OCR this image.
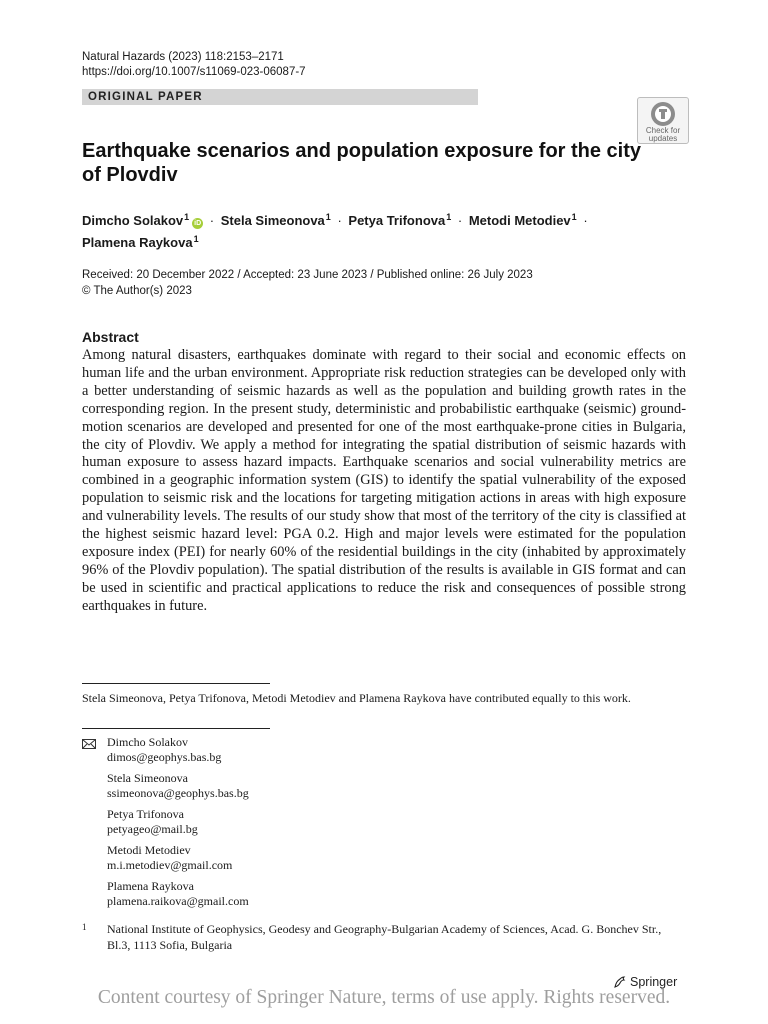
Natural Hazards (2023) 118:2153–2171
https://doi.org/10.1007/s11069-023-06087-7
ORIGINAL PAPER
Check for updates
Earthquake scenarios and population exposure for the city of Plovdiv
Dimcho Solakov$^1$iD · Stela Simeonova$^1$ · Petya Trifonova$^1$ · Metodi Metodiev$^1$ ·
Plamena Raykova$^1$
Received: 20 December 2022 / Accepted: 23 June 2023 / Published online: 26 July 2023
© The Author(s) 2023
Abstract
Among natural disasters, earthquakes dominate with regard to their social and economic effects on human life and the urban environment. Appropriate risk reduction strategies can be developed only with a better understanding of seismic hazards as well as the population and building growth rates in the corresponding region. In the present study, deterministic and probabilistic earthquake (seismic) ground-motion scenarios are developed and presented for one of the most earthquake-prone cities in Bulgaria, the city of Plovdiv. We apply a method for integrating the spatial distribution of seismic hazards with human exposure to assess hazard impacts. Earthquake scenarios and social vulnerability metrics are combined in a geographic information system (GIS) to identify the spatial vulnerability of the exposed population to seismic risk and the locations for targeting mitigation actions in areas with high exposure and vulnerability levels. The results of our study show that most of the territory of the city is classified at the highest seismic hazard level: PGA 0.2. High and major levels were estimated for the population exposure index (PEI) for nearly 60% of the residential buildings in the city (inhabited by approximately 96% of the Plovdiv population). The spatial distribution of the results is available in GIS format and can be used in scientific and practical applications to reduce the risk and consequences of possible strong earthquakes in future.
Stela Simeonova, Petya Trifonova, Metodi Metodiev and Plamena Raykova have contributed equally to this work.
Dimcho Solakov
dimos@geophys.bas.bg
Stela Simeonova
ssimeonova@geophys.bas.bg
Petya Trifonova
petyageo@mail.bg
Metodi Metodiev
m.i.metodiev@gmail.com
Plamena Raykova
plamena.raikova@gmail.com
1 National Institute of Geophysics, Geodesy and Geography-Bulgarian Academy of Sciences, Acad. G. Bonchev Str., Bl.3, 1113 Sofia, Bulgaria
Springer
Content courtesy of Springer Nature, terms of use apply. Rights reserved.
